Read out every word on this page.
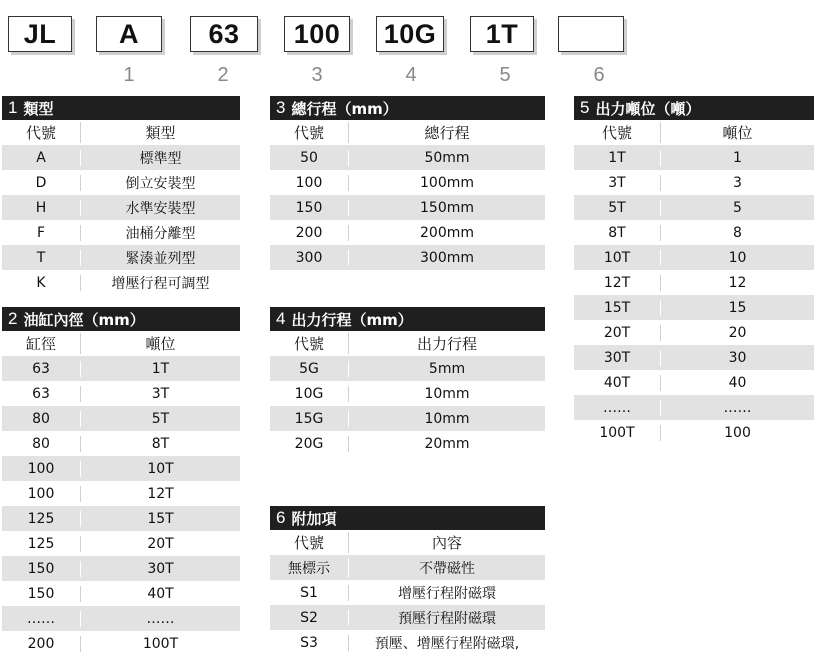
JL	A	63	100	10G	1T
1	2	3	4	5	6
1 類型
代號	類型
A	標準型
D	倒立安裝型
H	水準安裝型
F	油桶分離型
T	緊湊並列型
K	增壓行程可調型
2 油缸內徑（mm）
缸徑	噸位
63	1T
63	3T
80	5T
80	8T
100	10T
100	12T
125	15T
125	20T
150	30T
150	40T
……	……
200	100T
3 總行程（mm）
代號	總行程
50	50mm
100	100mm
150	150mm
200	200mm
300	300mm
4 出力行程（mm）
代號	出力行程
5G	5mm
10G	10mm
15G	10mm
20G	20mm
6 附加項
代號	內容
無標示	不帶磁性
S1	增壓行程附磁環
S2	預壓行程附磁環
S3	預壓、增壓行程附磁環,
5 出力噸位（噸）
代號	噸位
1T	1
3T	3
5T	5
8T	8
10T	10
12T	12
15T	15
20T	20
30T	30
40T	40
……	……
100T	100
